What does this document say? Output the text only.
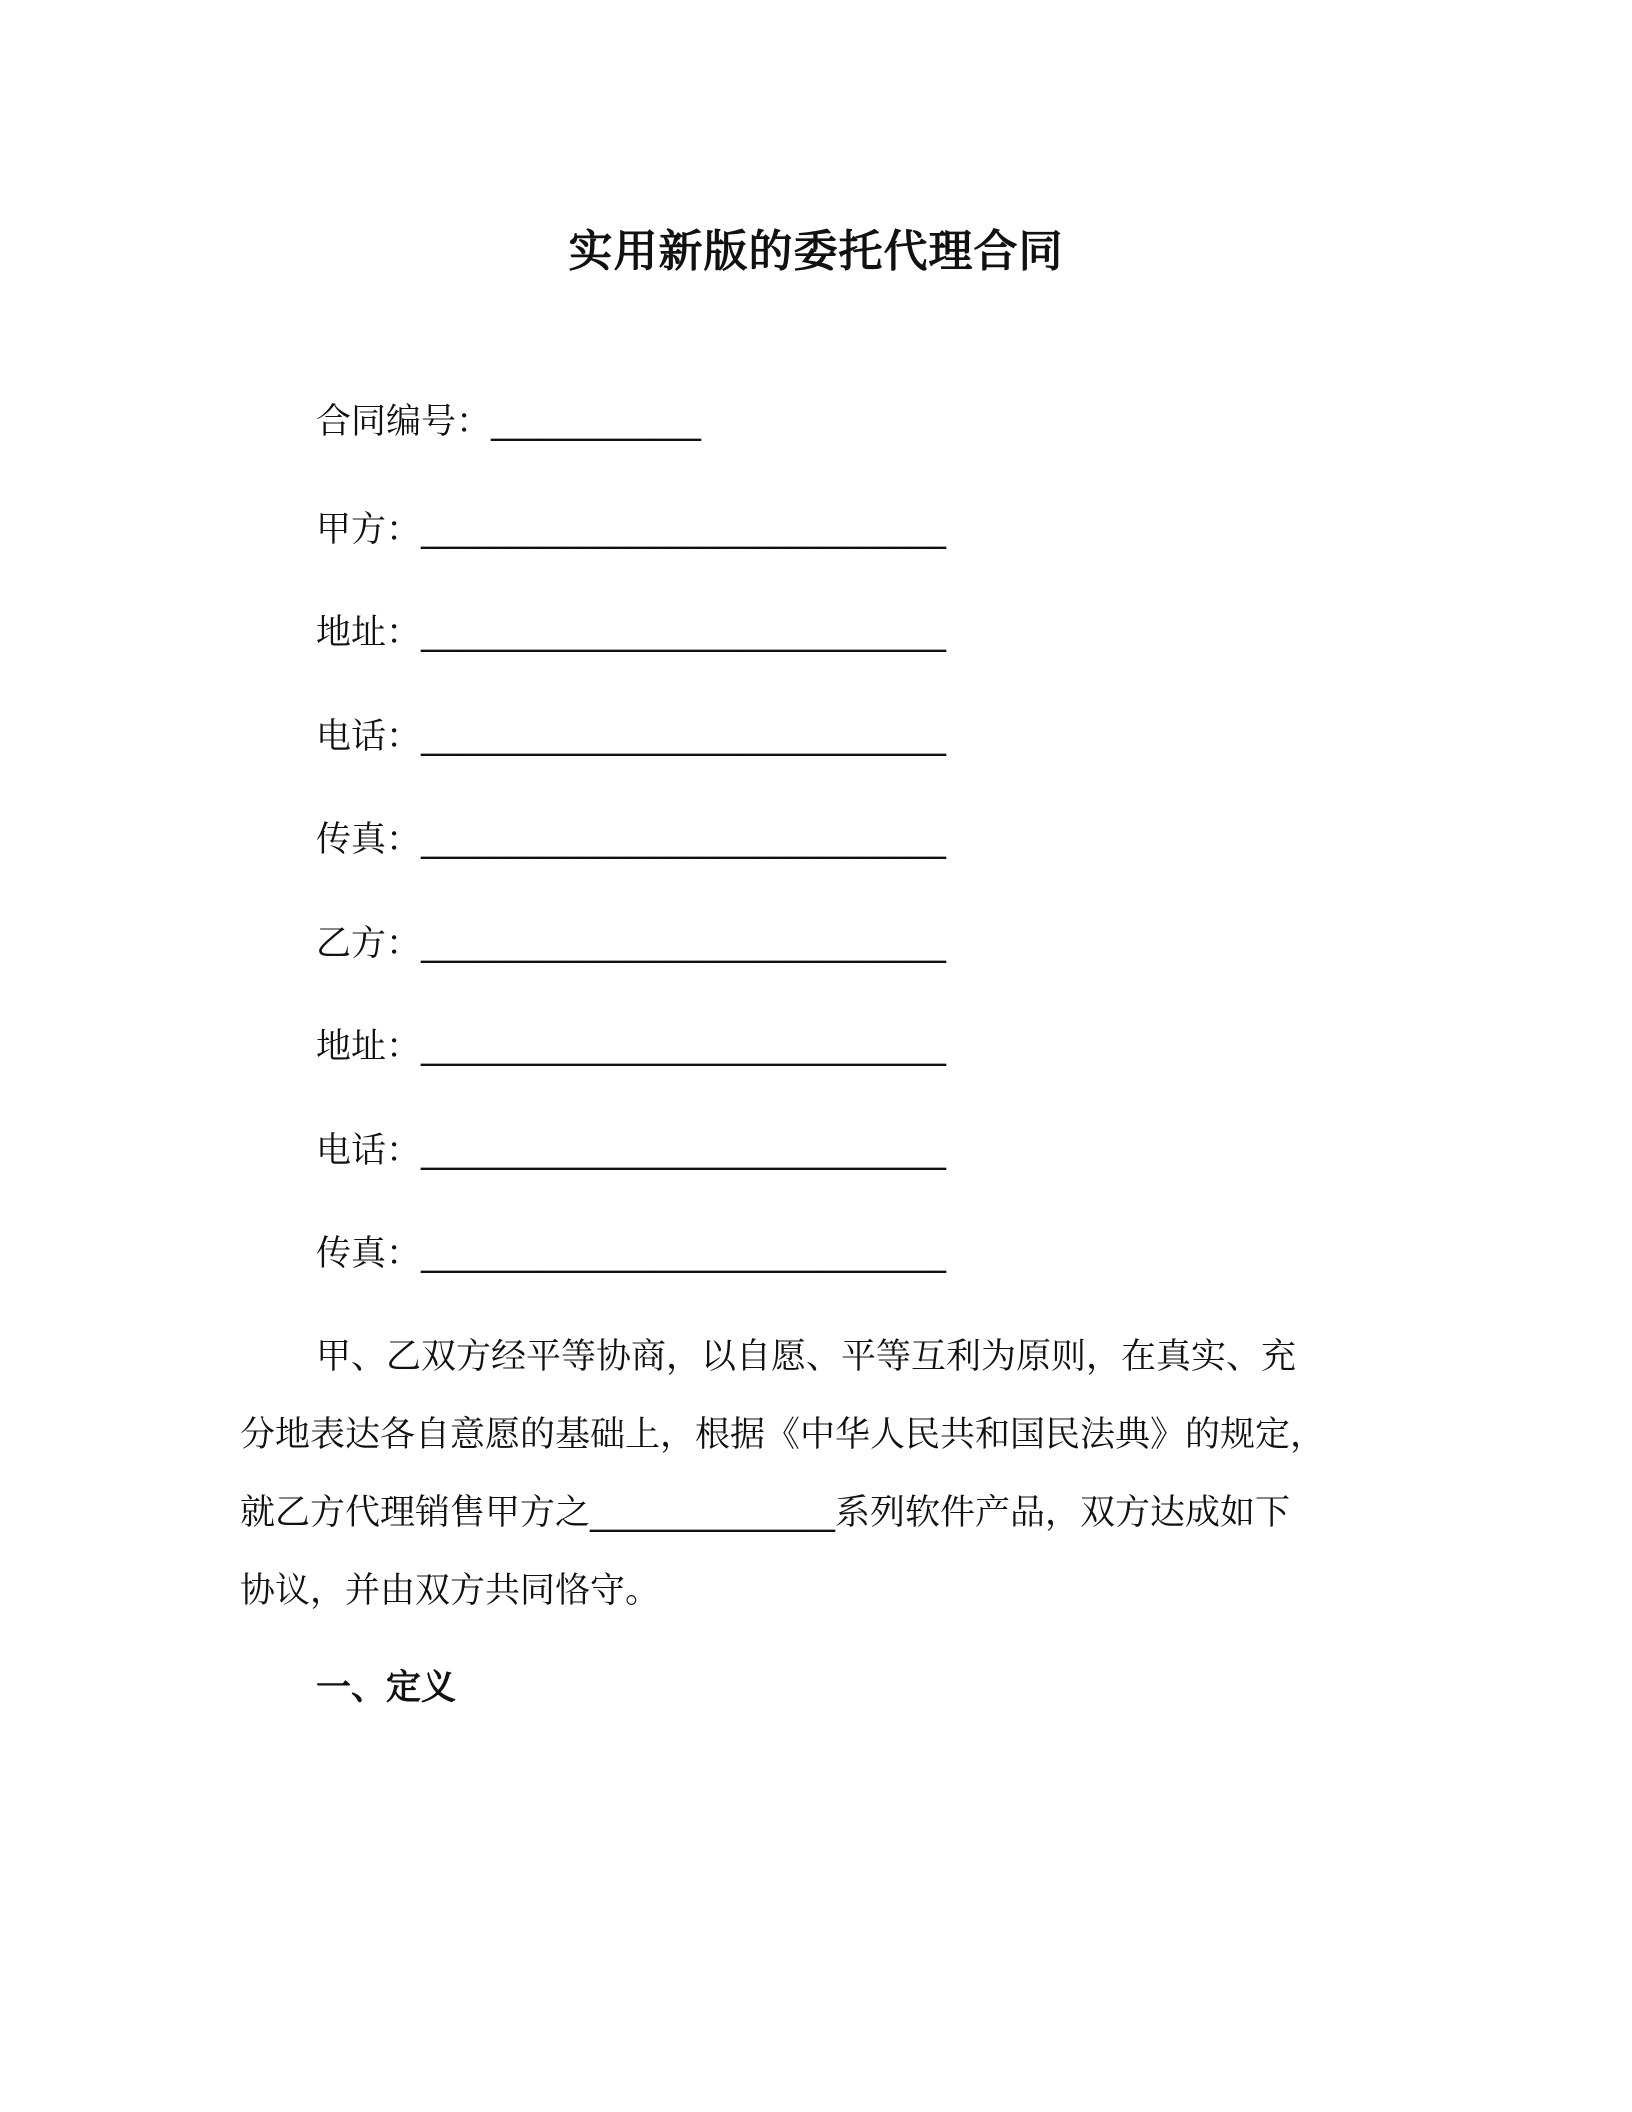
实用新版的委托代理合同
合同编号：____________
甲方：______________________________
地址：______________________________
电话：______________________________
传真：______________________________
乙方：______________________________
地址：______________________________
电话：______________________________
传真：______________________________
甲、乙双方经平等协商，以自愿、平等互利为原则，在真实、充
分地表达各自意愿的基础上，根据《中华人民共和国民法典》的规定，
就乙方代理销售甲方之______________系列软件产品，双方达成如下
协议，并由双方共同恪守。
一、定义
